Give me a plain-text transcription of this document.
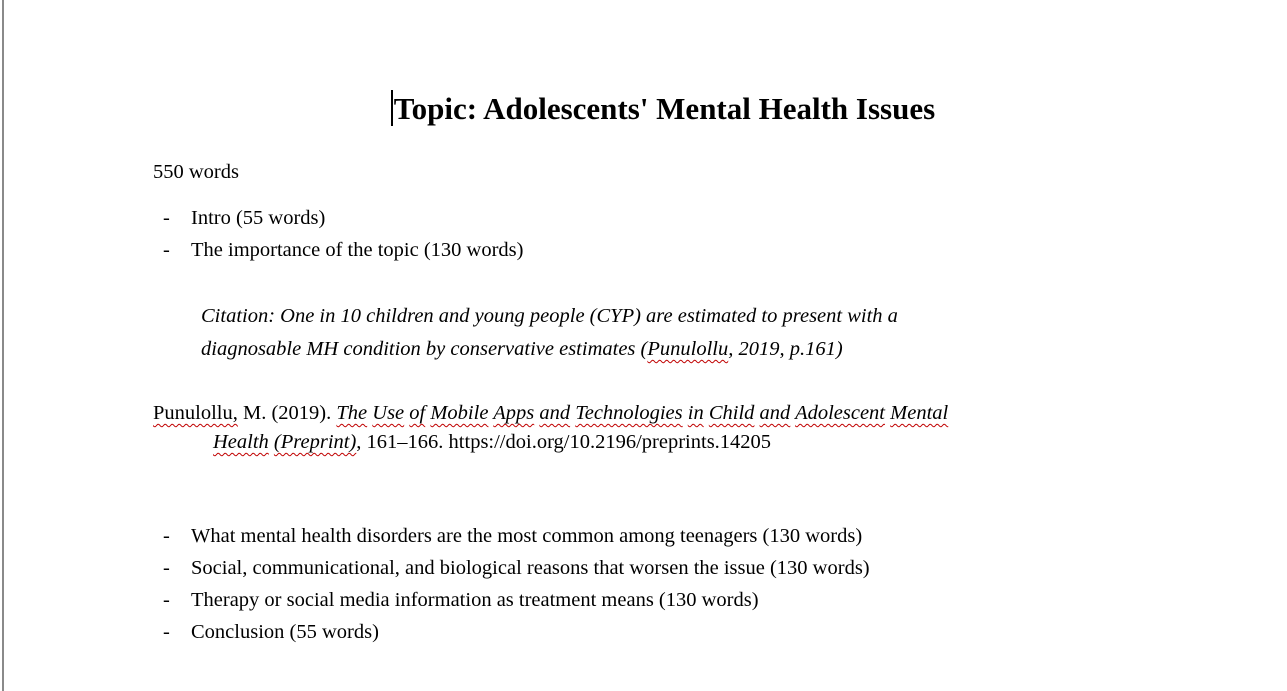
Topic: Adolescents' Mental Health Issues
550 words
-	Intro (55 words)
-	The importance of the topic (130 words)
Citation: One in 10 children and young people (CYP) are estimated to present with a
diagnosable MH condition by conservative estimates (Punulollu, 2019, p.161)
Punulollu, M. (2019). The Use of Mobile Apps and Technologies in Child and Adolescent Mental
Health (Preprint), 161–166. https://doi.org/10.2196/preprints.14205
-	What mental health disorders are the most common among teenagers (130 words)
-	Social, communicational, and biological reasons that worsen the issue (130 words)
-	Therapy or social media information as treatment means (130 words)
-	Conclusion (55 words)
